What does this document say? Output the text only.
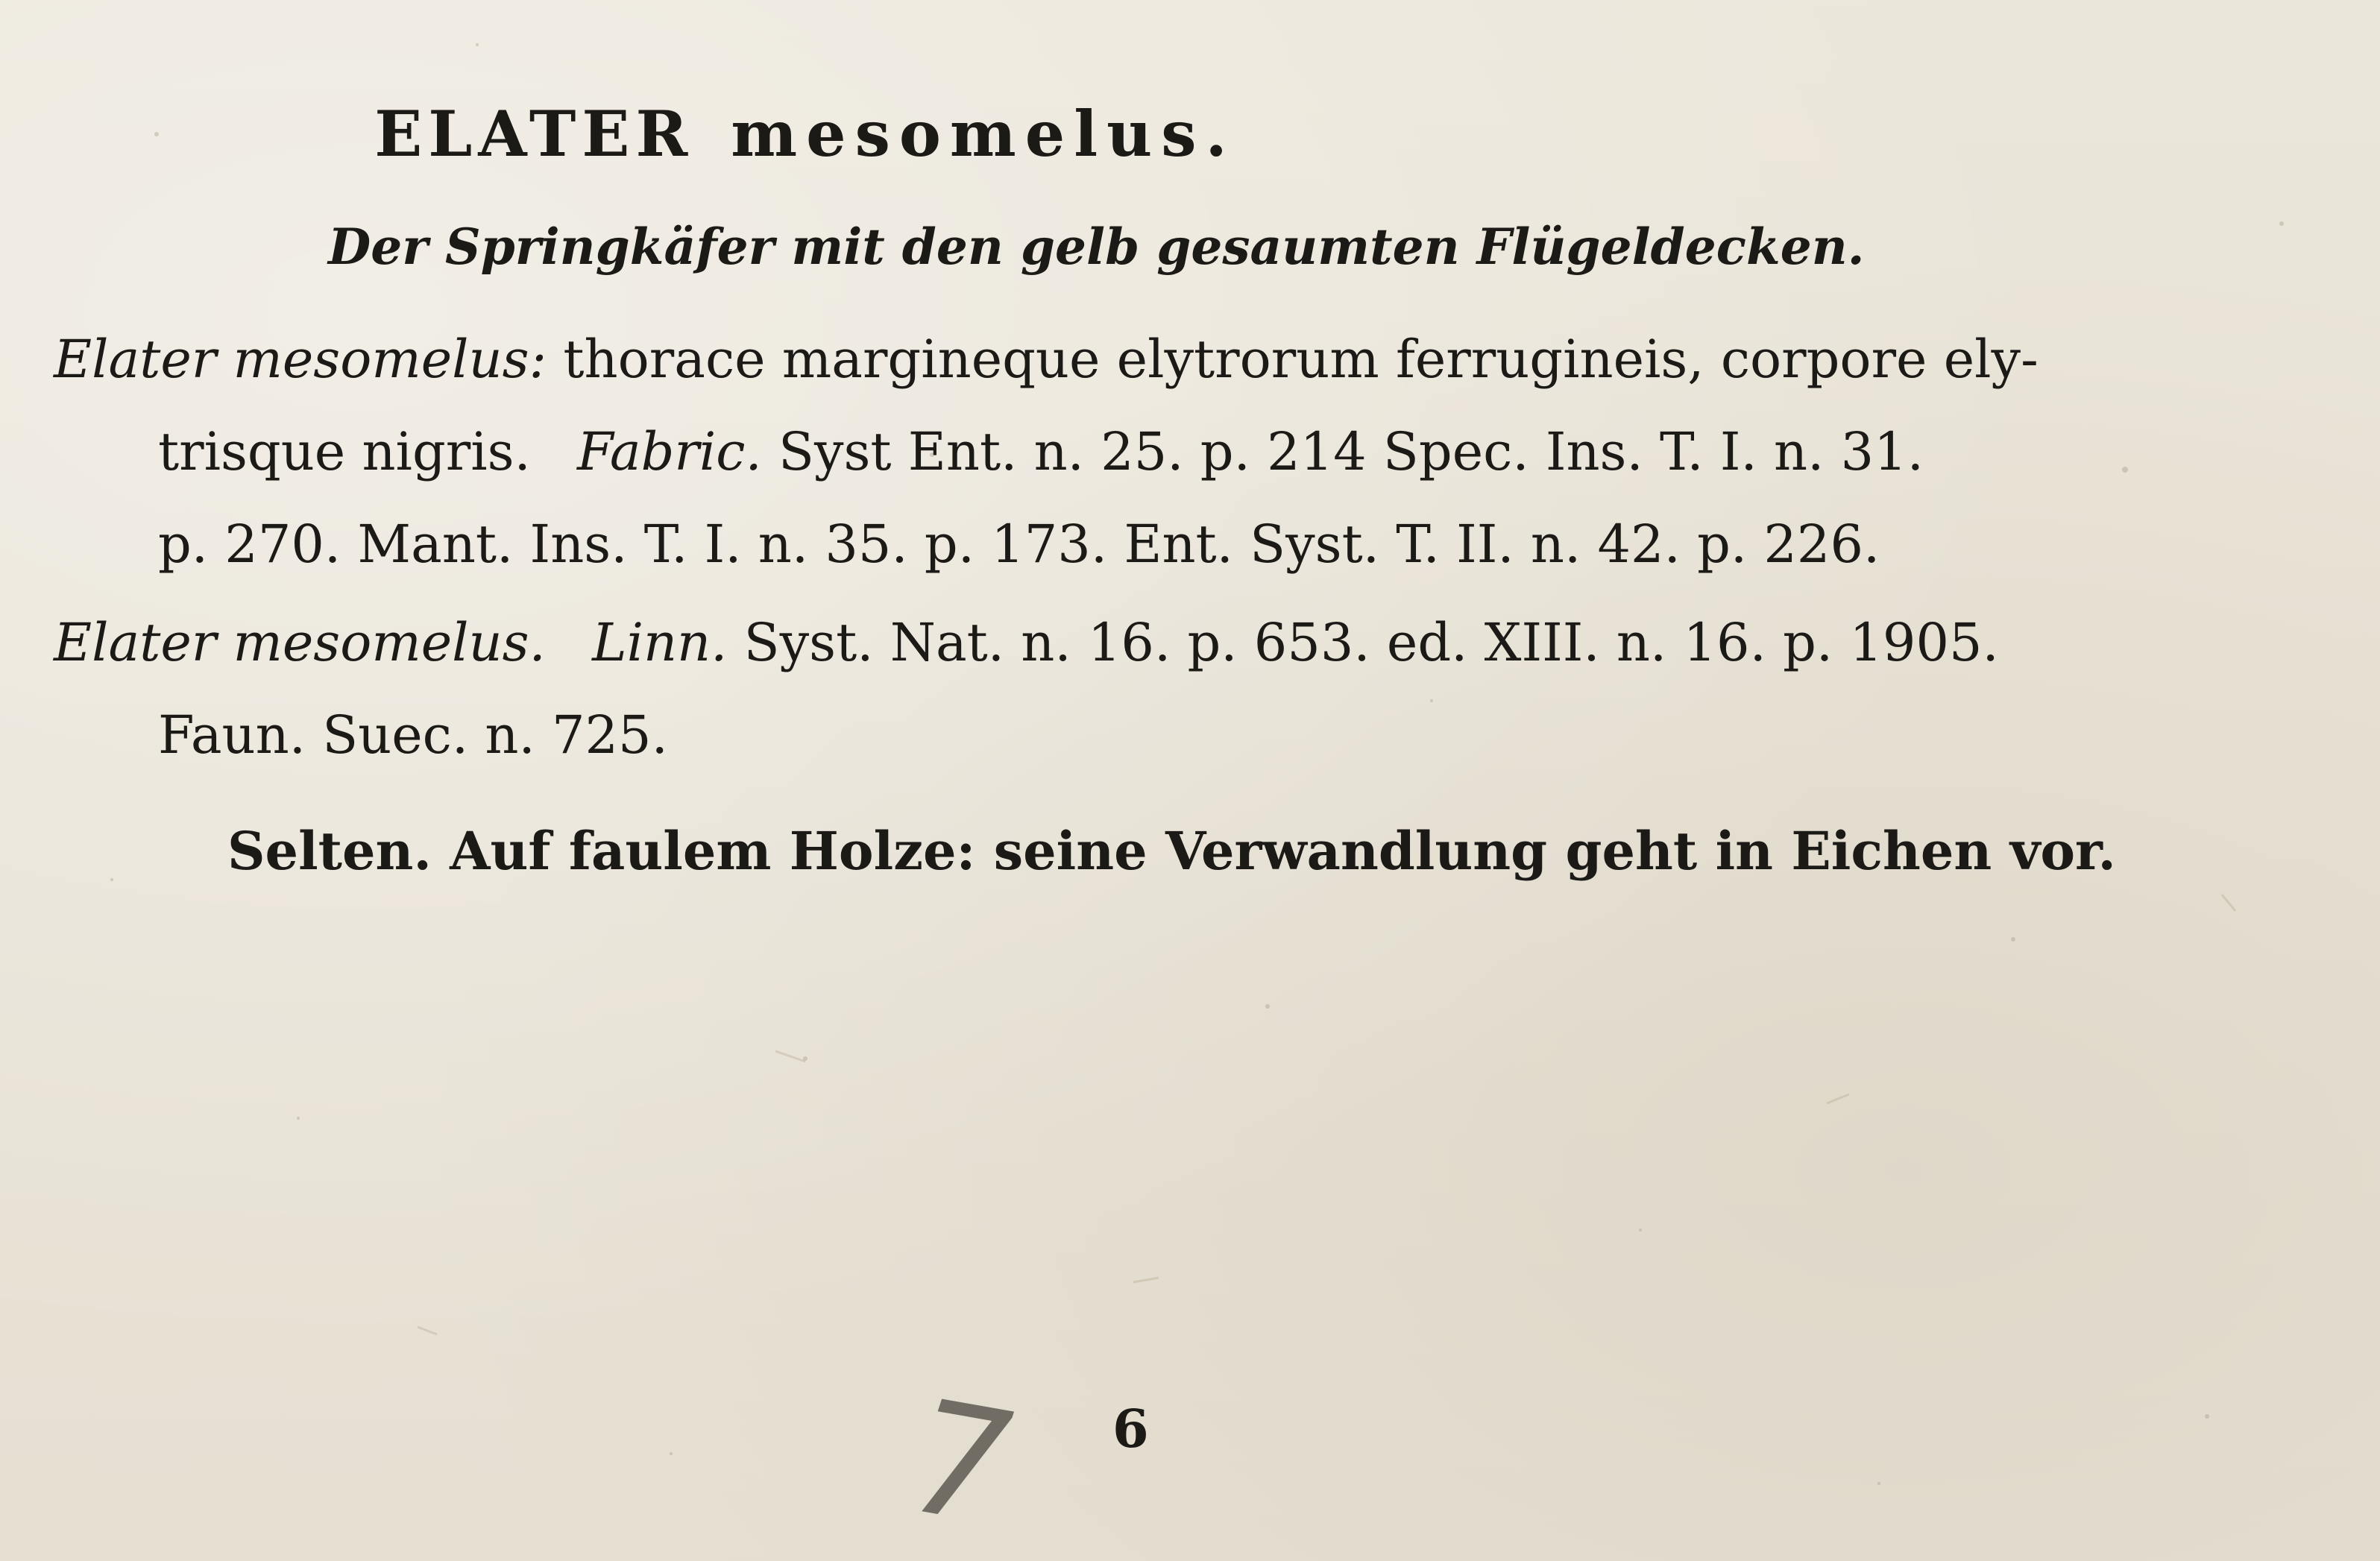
ELATER mesomelus.
Der Springkäfer mit den gelb gesaumten Flügeldecken.
Elater mesomelus: thorace margineque elytrorum ferrugineis, corpore ely-
trisque nigris. Fabric. Syst Ent. n. 25. p. 214 Spec. Ins. T. I. n. 31.
p. 270. Mant. Ins. T. I. n. 35. p. 173. Ent. Syst. T. II. n. 42. p. 226.
Elater mesomelus. Linn. Syst. Nat. n. 16. p. 653. ed. XIII. n. 16. p. 1905.
Faun. Suec. n. 725.
Selten. Auf faulem Holze: seine Verwandlung geht in Eichen vor.
7 6
